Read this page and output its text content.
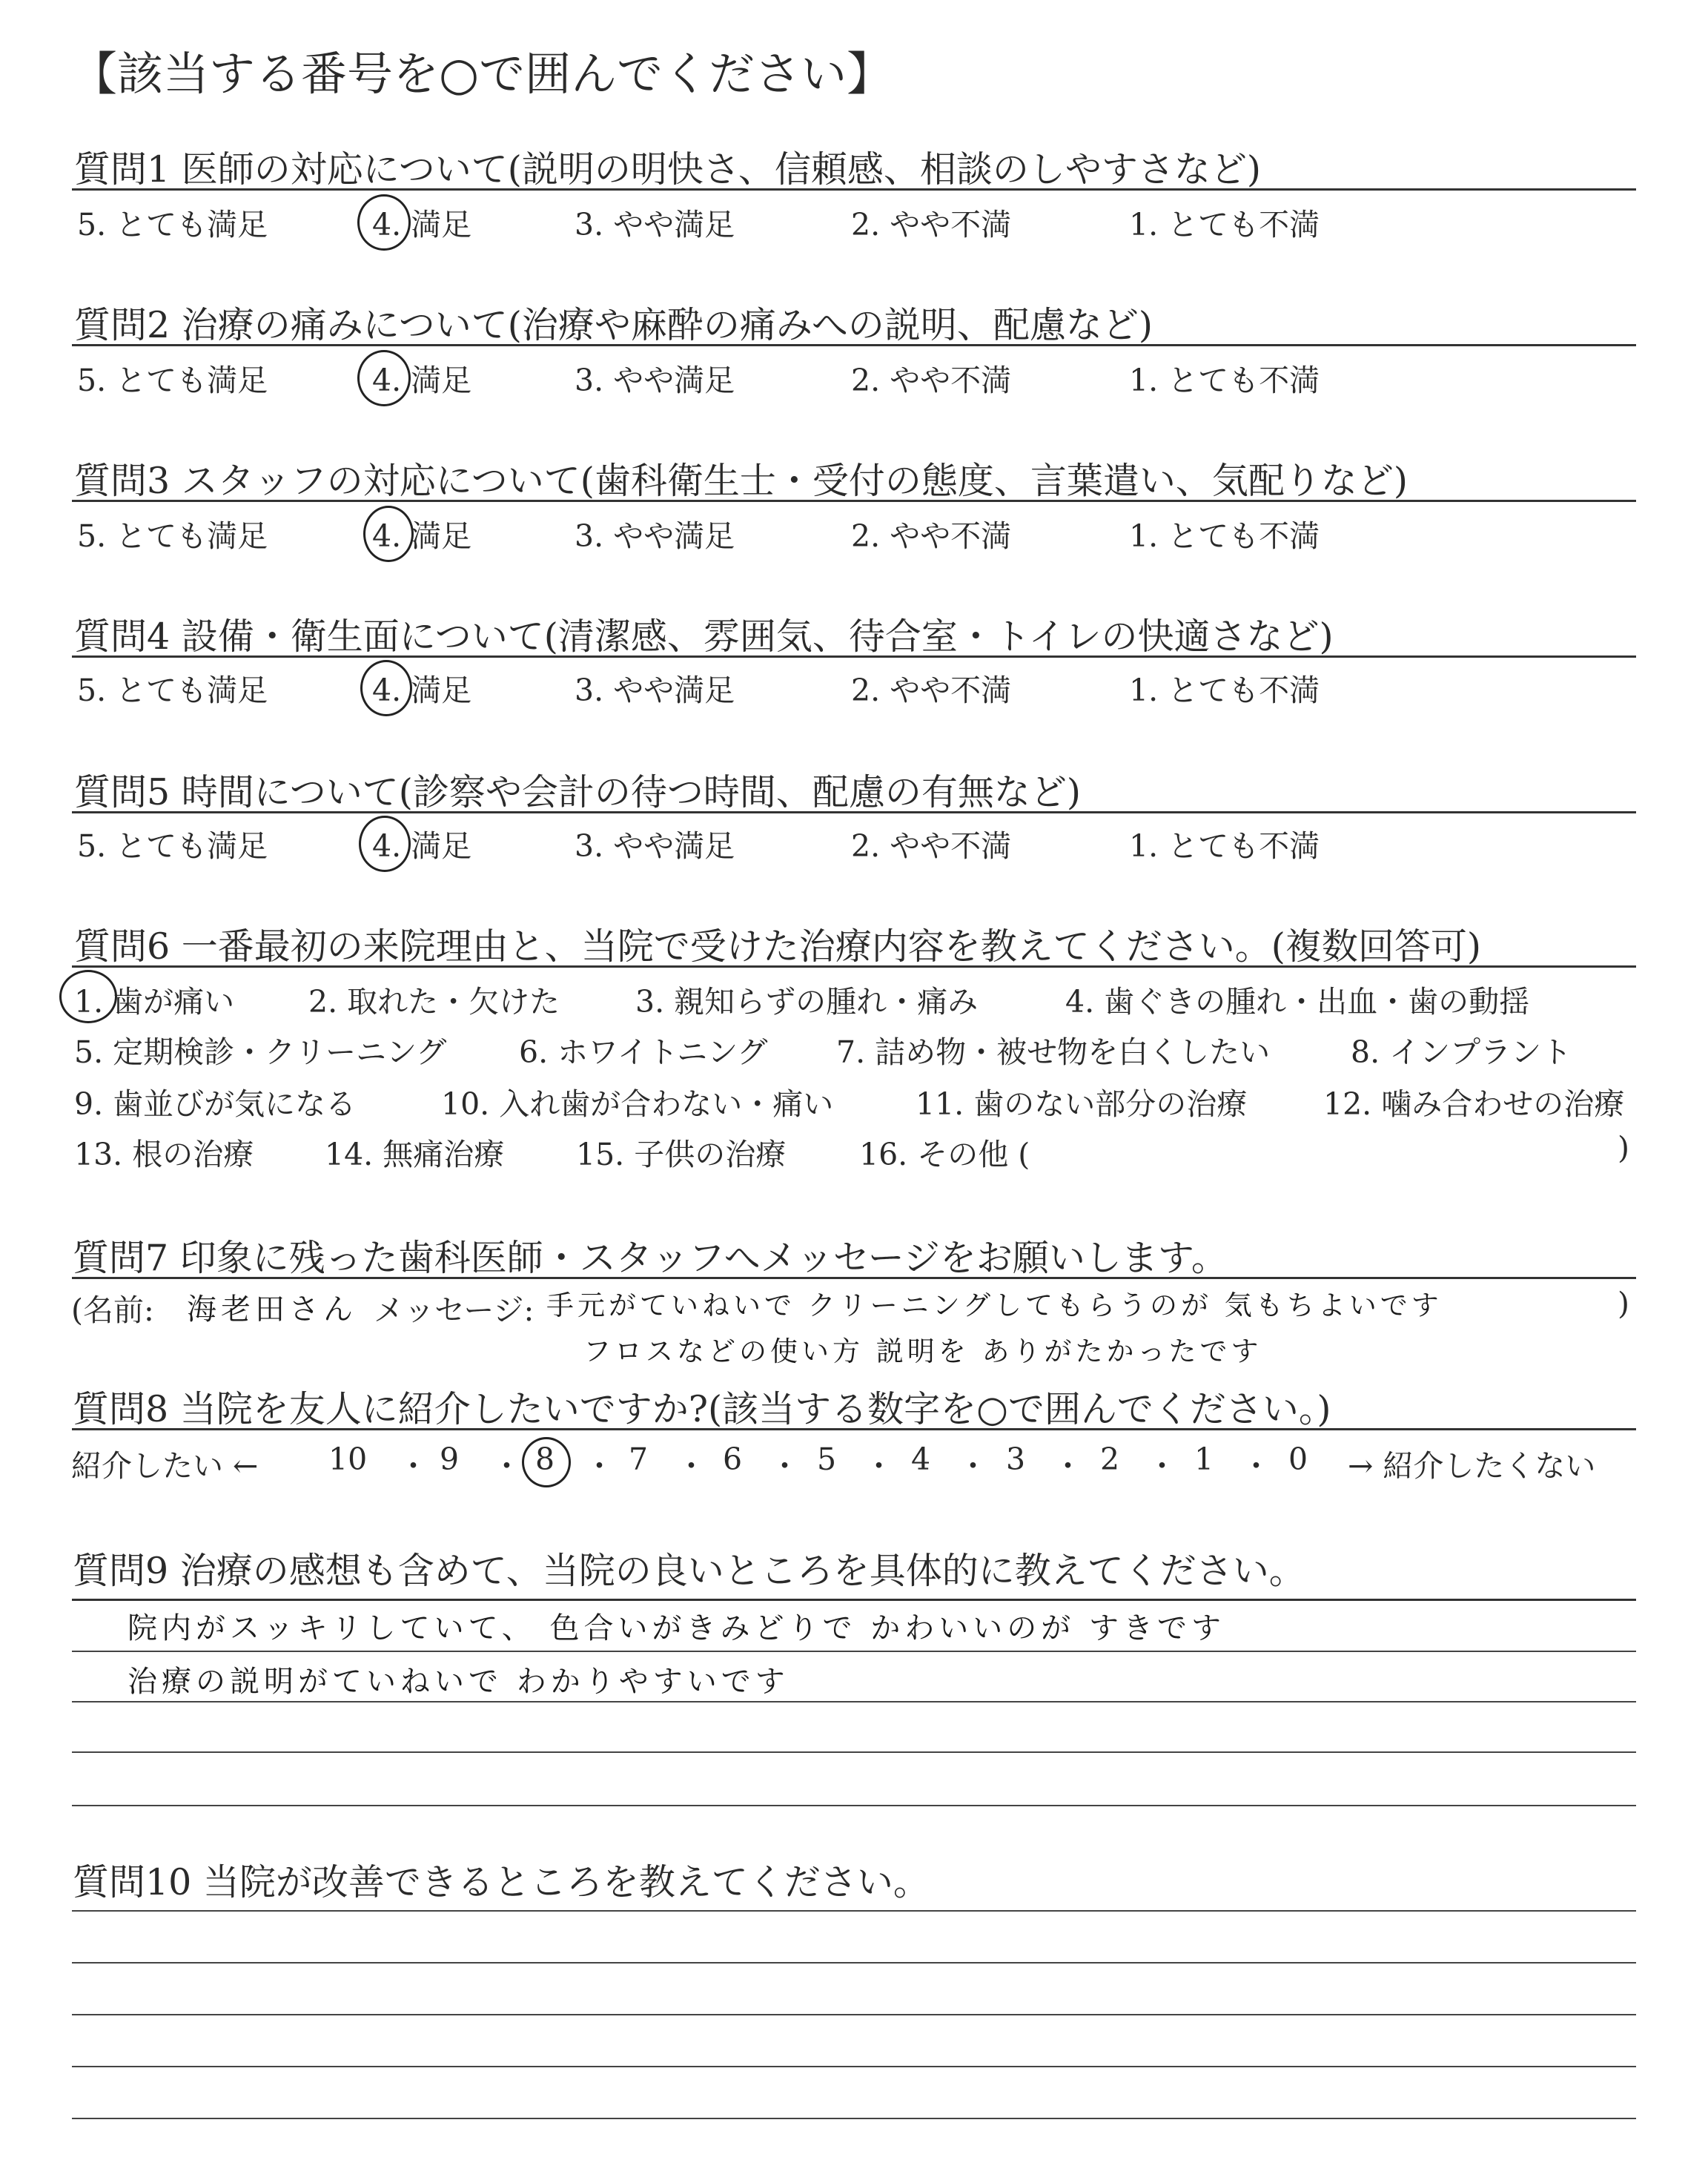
【該当する番号を○で囲んでください】
質問1 医師の対応について(説明の明快さ、信頼感、相談のしやすさなど)
5. とても満足	4. 満足	3. やや満足	2. やや不満	1. とても不満
質問2 治療の痛みについて(治療や麻酔の痛みへの説明、配慮など)
5. とても満足	4. 満足	3. やや満足	2. やや不満	1. とても不満
質問3 スタッフの対応について(歯科衛生士・受付の態度、言葉遣い、気配りなど)
5. とても満足	4. 満足	3. やや満足	2. やや不満	1. とても不満
質問4 設備・衛生面について(清潔感、雰囲気、待合室・トイレの快適さなど)
5. とても満足	4. 満足	3. やや満足	2. やや不満	1. とても不満
質問5 時間について(診察や会計の待つ時間、配慮の有無など)
5. とても満足	4. 満足	3. やや満足	2. やや不満	1. とても不満
質問6 一番最初の来院理由と、当院で受けた治療内容を教えてください。(複数回答可)
1. 歯が痛い 2. 取れた・欠けた 3. 親知らずの腫れ・痛み	4. 歯ぐきの腫れ・出血・歯の動揺
5. 定期検診・クリーニング 6. ホワイトニング 7. 詰め物・被せ物を白くしたい	8. インプラント
9. 歯並びが気になる	10. 入れ歯が合わない・痛い	11. 歯のない部分の治療	12. 噛み合わせの治療
13. 根の治療 14. 無痛治療 15. 子供の治療 16. その他 (	)
質問7 印象に残った歯科医師・スタッフへメッセージをお願いします。
(名前: 海老田さん メッセージ: 手元がていねいで クリーニングしてもらうのが 気もちよいです	)
フロスなどの使い方 説明を ありがたかったです
質問8 当院を友人に紹介したいですか?(該当する数字を○で囲んでください。)
紹介したい ← 10 ・ 9 ・ 8 ・ 7 ・ 6 ・ 5 ・ 4 ・ 3 ・ 2 ・ 1 ・ 0 → 紹介したくない
質問9 治療の感想も含めて、当院の良いところを具体的に教えてください。
院内がスッキリしていて、 色合いがきみどりで かわいいのが すきです
治療の説明がていねいで わかりやすいです
質問10 当院が改善できるところを教えてください。
